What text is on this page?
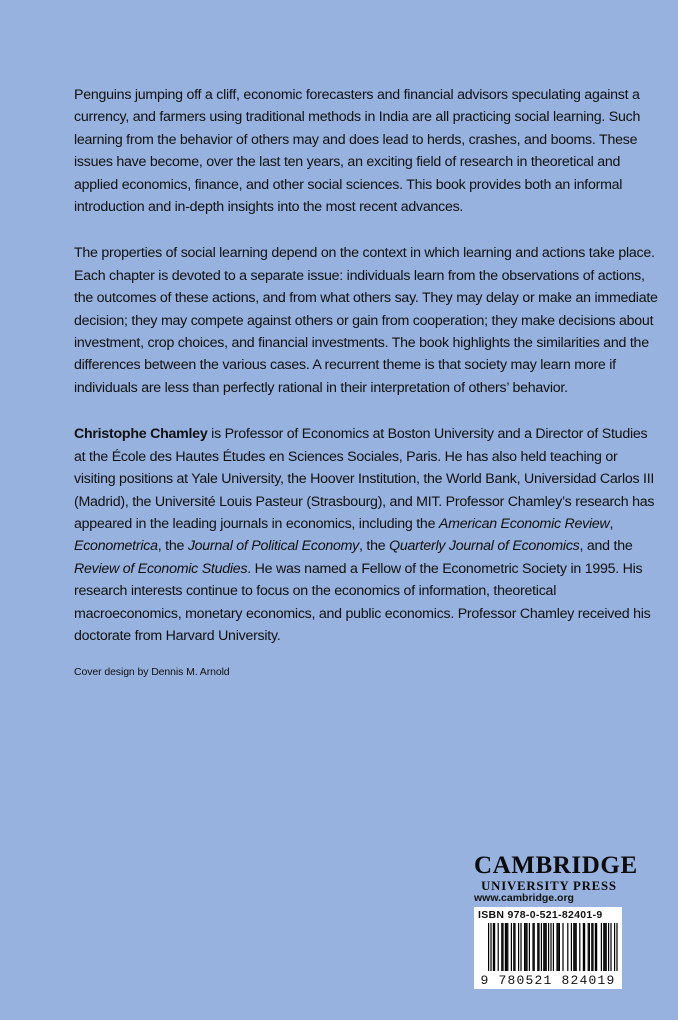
Penguins jumping off a cliff, economic forecasters and financial advisors speculating against a currency, and farmers using traditional methods in India are all practicing social learning. Such learning from the behavior of others may and does lead to herds, crashes, and booms. These issues have become, over the last ten years, an exciting field of research in theoretical and applied economics, finance, and other social sciences. This book provides both an informal introduction and in-depth insights into the most recent advances.

The properties of social learning depend on the context in which learning and actions take place. Each chapter is devoted to a separate issue: individuals learn from the observations of actions, the outcomes of these actions, and from what others say. They may delay or make an immediate decision; they may compete against others or gain from cooperation; they make decisions about investment, crop choices, and financial investments. The book highlights the similarities and the differences between the various cases. A recurrent theme is that society may learn more if individuals are less than perfectly rational in their interpretation of others’ behavior.

Christophe Chamley is Professor of Economics at Boston University and a Director of Studies at the École des Hautes Études en Sciences Sociales, Paris. He has also held teaching or visiting positions at Yale University, the Hoover Institution, the World Bank, Universidad Carlos III (Madrid), the Université Louis Pasteur (Strasbourg), and MIT. Professor Chamley’s research has appeared in the leading journals in economics, including the American Economic Review, Econometrica, the Journal of Political Economy, the Quarterly Journal of Economics, and the Review of Economic Studies. He was named a Fellow of the Econometric Society in 1995. His research interests continue to focus on the economics of information, theoretical macroeconomics, monetary economics, and public economics. Professor Chamley received his doctorate from Harvard University.

Cover design by Dennis M. Arnold
CAMBRIDGE
UNIVERSITY PRESS
www.cambridge.org
ISBN 978-0-521-82401-9
9 780521 824019
